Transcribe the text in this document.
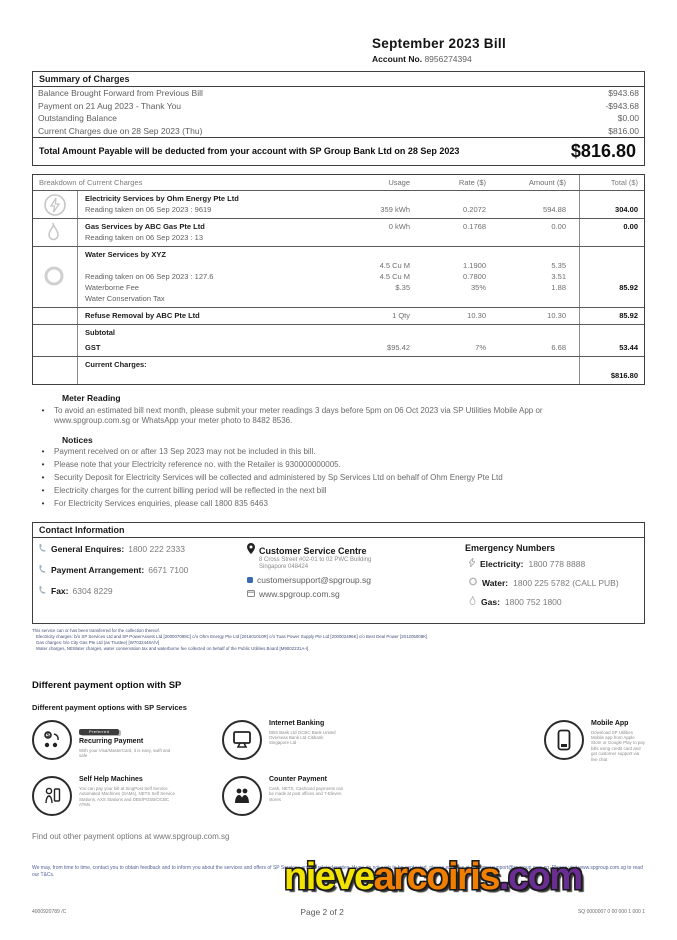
September 2023 Bill
Account No. 8956274394
Summary of Charges
Balance Brought Forward from Previous Bill	$943.68
Payment on 21 Aug 2023 - Thank You	-$943.68
Outstanding Balance	$0.00
Current Charges due on 28 Sep 2023 (Thu)	$816.00
Total Amount Payable will be deducted from your account with SP Group Bank Ltd on 28 Sep 2023	$816.80
Breakdown of Current Charges	Usage	Rate ($)	Amount ($)	Total ($)
Electricity Services by Ohm Energy Pte Ltd
Reading taken on 06 Sep 2023 : 9619	359 kWh	0.2072	594.88	304.00
Gas Services by ABC Gas Pte Ltd	0 kWh	0.1768	0.00	0.00
Reading taken on 06 Sep 2023 : 13
Water Services by XYZ
4.5 Cu M	1.1900	5.35
Reading taken on 06 Sep 2023 : 127.6	4.5 Cu M	0.7800	3.51
Waterborne Fee	$.35	35%	1.88	85.92
Water Conservation Tax
Refuse Removal by ABC Pte Ltd	1 Qty	10.30	10.30	85.92
Subtotal
GST	$95.42	7%	6.68	53.44
Current Charges:
$816.80
Meter Reading
•	To avoid an estimated bill next month, please submit your meter readings 3 days before 5pm on 06 Oct 2023 via SP Utilities Mobile App or www.spgroup.com.sg or WhatsApp your meter photo to 8482 8536.
Notices
•	Payment received on or after 13 Sep 2023 may not be included in this bill.
•	Please note that your Electricity reference no. with the Retailer is 930000000005.
•	Security Deposit for Electricity Services will be collected and administered by Sp Services Ltd on behalf of Ohm Energy Pte Ltd
•	Electricity charges for the current billing period will be reflected in the next bill
•	For Electricity Services enquiries, please call 1800 835 6463
Contact Information
General Enquires: 1800 222 2333
Payment Arrangement: 6671 7100
Fax: 6304 8229
Customer Service Centre
8 Cross Street #02-01 to 02 PWC Building
Singapore 048424
customersupport@spgroup.sg
www.spgroup.com.sg
Emergency Numbers
Electricity: 1800 778 8888
Water: 1800 225 5782 (CALL PUB)
Gas: 1800 752 1800
This service can or has been transferred for the collection thereof.
Electricity charges: b/o SP Services Ltd and SP PowerAssets Ltd [200007098C] c/o Ohm Energy Pte Ltd [201601010R] c/o Tuas Power Supply Pte Ltd [200002496K] c/o Best Deal Power [201205008K]
Gas charges: b/o City Gas Pte Ltd (as Trustee) [W7032448A/V]
Water charges, NEWater charges, water conservation tax and waterborne fee collected on behalf of the Public Utilities Board [M9002231A-I]
Different payment option with SP
Different payment options with SP Services
$
Preferred
Recurring Payment
With your Visa/MasterCard, it is easy, swift and safe
Internet Banking
DBS Bank Ltd OCBC Bank United Overseas Bank Ltd Citibank Singapore Ltd
Mobile App
Download SP Utilities Mobile app from Apple Store or Google Play to pay bills using credit card and get customer support via live chat
Self Help Machines
You can pay your bill at SingPost Self Service Automated Machines (SAMs), NETS Self Service Stations, AXS Stations and DBS/POSB/OCBC ATMs
Counter Payment
Cash, NETS, Cashcard payments can be made at post offices and 7-Eleven stores
Find out other payment options at www.spgroup.com.sg
We may, from time to time, contact you to obtain feedback and to inform you about the services and offers of SP Services and its related parties. If you do not wish to be contacted, please email us at customersupport@spgroup.com.sg. Please visit www.spgroup.com.sg to read our T&Cs.
4000920789 /C	Page 2 of 2	SQ 0000007 0 00 000 1 000 1
nievearcoiris.com
